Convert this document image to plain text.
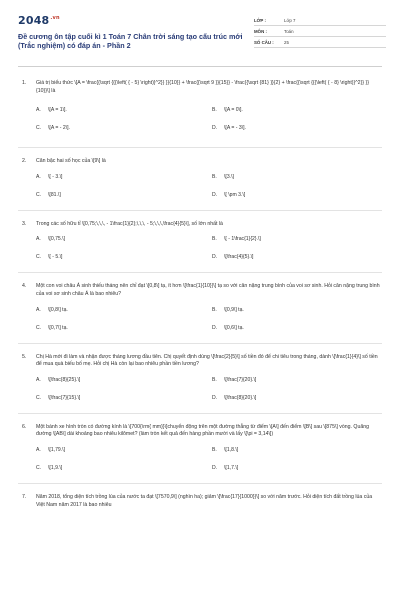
$2048^{.vn}$
Đề cương ôn tập cuối kì 1 Toán 7 Chân trời sáng tạo cấu trúc mới (Trắc nghiệm) có đáp án - Phần 2
LỚP :	Lớp 7
MÔN :	Toán
SỐ CÂU :	25
1.	Giá trị biểu thức \[A = \frac{{\sqrt {{{\left( { - 5} \right)}^2}} }}{10}} + \frac{{\sqrt 9 }}{15}} - \frac{{\sqrt {81} }}{2} + \frac{{\sqrt {{{\left( { - 8} \right)}^2}} }}{10}}\] là
A.	\[A = 1\].	B.	\[A = 0\].
C.	\[A = - 2\].	D.	\[A = - 3\].
2.	Căn bậc hai số học của \[9\] là
A.	\[ - 3.\]	B.	\[3.\]
C.	\[81.\]	D.	\[ \pm 3.\]
3.	Trong các số hữu tỉ \[0,75;\,\,\, - 1\frac{1}{2};\,\,\, - 5;\,\,\,\frac{4}{5}\], số lớn nhất là
A.	\[0,75.\]	B.	\[ - 1\frac{1}{2}.\]
C.	\[ - 5.\]	D.	\[\frac{4}{5}.\]
4.	Một con voi châu Á sinh thiếu tháng nên chỉ đạt \[0,8\] tạ, ít hơn \[\frac{1}{10}}\] tạ so với cân nặng trung bình của voi sơ sinh. Hỏi cân nặng trung bình của voi sơ sinh châu Á là bao nhiêu?
A.	\[0,8\] tạ.	B.	\[0,9\] tạ.
C.	\[0,7\] tạ.	D.	\[0,6\] tạ.
5.	Chị Hà mới đi làm và nhận được tháng lương đầu tiên. Chị quyết định dùng \[\frac{2}{5}\] số tiền đó để chi tiêu trong tháng, dành \[\frac{1}{4}\] số tiền để mua quà biếu bố mẹ. Hỏi chị Hà còn lại bao nhiêu phần tiền lương?
A.	\[\frac{8}{25}.\]	B.	\[\frac{7}{20}.\]
C.	\[\frac{7}{15}.\]	D.	\[\frac{8}{20}.\]
6.	Một bánh xe hình tròn có đường kính là \[700{\rm{ mm}}\]chuyển động trên một đường thẳng từ điểm \[A\] đến điểm \[B\] sau \[875\] vòng. Quãng đường \[AB\] dài khoảng bao nhiêu kilômet? (làm tròn kết quả đến hàng phần mười và lấy \[\pi = 3,14\])
A.	\[1,79.\]	B.	\[1,8.\]
C.	\[1,9.\]	D.	\[1,7.\]
7.	Năm 2018, tổng diện tích trồng lúa của nước ta đạt \[7570,9\] (nghìn ha); giảm \[\frac{17}{1000}}\] so với năm trước. Hỏi diện tích đất trồng lúa của Việt Nam năm 2017 là bao nhiêu
